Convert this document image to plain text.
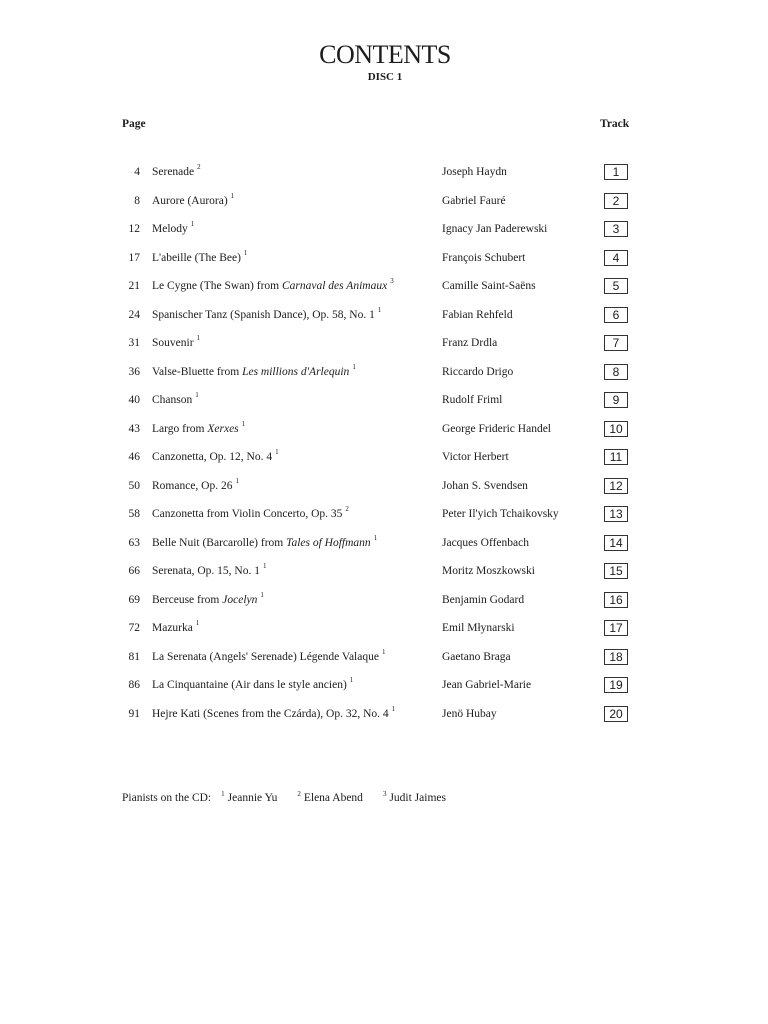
CONTENTS
DISC 1
Page	Track
4 Serenade $^2$	Joseph Haydn	1
8 Aurore (Aurora) $^1$	Gabriel Fauré	2
12 Melody $^1$	Ignacy Jan Paderewski	3
17 L'abeille (The Bee) $^1$	François Schubert	4
21 Le Cygne (The Swan) from Carnaval des Animaux $^3$	Camille Saint-Saëns	5
24 Spanischer Tanz (Spanish Dance), Op. 58, No. 1 $^1$	Fabian Rehfeld	6
31 Souvenir $^1$	Franz Drdla	7
36 Valse-Bluette from Les millions d'Arlequin $^1$	Riccardo Drigo	8
40 Chanson $^1$	Rudolf Friml	9
43 Largo from Xerxes $^1$	George Frideric Handel	10
46 Canzonetta, Op. 12, No. 4 $^1$	Victor Herbert	11
50 Romance, Op. 26 $^1$	Johan S. Svendsen	12
58 Canzonetta from Violin Concerto, Op. 35 $^2$	Peter Il'yich Tchaikovsky	13
63 Belle Nuit (Barcarolle) from Tales of Hoffmann $^1$	Jacques Offenbach	14
66 Serenata, Op. 15, No. 1 $^1$	Moritz Moszkowski	15
69 Berceuse from Jocelyn $^1$	Benjamin Godard	16
72 Mazurka $^1$	Emil Młynarski	17
81 La Serenata (Angels' Serenade) Légende Valaque $^1$	Gaetano Braga	18
86 La Cinquantaine (Air dans le style ancien) $^1$	Jean Gabriel-Marie	19
91 Hejre Kati (Scenes from the Czárda), Op. 32, No. 4 $^1$	Jenö Hubay	20
Pianists on the CD: $^1$ Jeannie Yu	$^2$ Elena Abend	$^3$ Judit Jaimes
